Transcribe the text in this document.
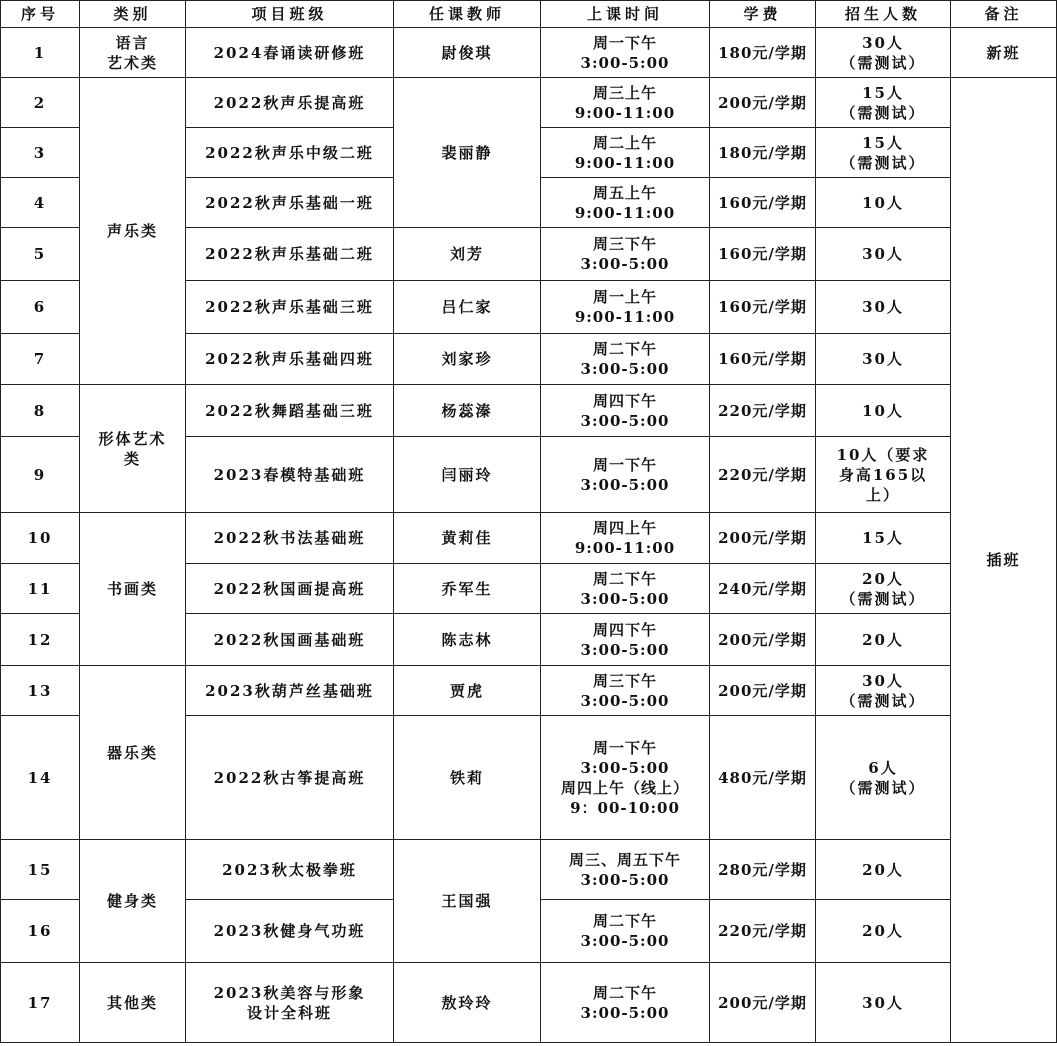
序号	类别	项目班级	任课教师	上课时间	学费	招生人数	备注
1	语言
艺术类	2024春诵读研修班	尉俊琪	周一下午
3:00-5:00	180元/学期	30人
（需测试）	新班
2	声乐类	2022秋声乐提高班	裴丽静	周三上午
9:00-11:00	200元/学期	15人
（需测试）	插班
3		2022秋声乐中级二班		周二上午
9:00-11:00	180元/学期	15人
（需测试）	
4		2022秋声乐基础一班		周五上午
9:00-11:00	160元/学期	10人	
5		2022秋声乐基础二班	刘芳	周三下午
3:00-5:00	160元/学期	30人	
6		2022秋声乐基础三班	吕仁家	周一上午
9:00-11:00	160元/学期	30人	
7		2022秋声乐基础四班	刘家珍	周二下午
3:00-5:00	160元/学期	30人	
8	形体艺术
类	2022秋舞蹈基础三班	杨蕊溱	周四下午
3:00-5:00	220元/学期	10人	
9		2023春模特基础班	闫丽玲	周一下午
3:00-5:00	220元/学期	10人（要求
身高165以
上）	
10	书画类	2022秋书法基础班	黄莉佳	周四上午
9:00-11:00	200元/学期	15人	
11		2022秋国画提高班	乔军生	周二下午
3:00-5:00	240元/学期	20人
（需测试）	
12		2022秋国画基础班	陈志林	周四下午
3:00-5:00	200元/学期	20人	
13	器乐类	2023秋葫芦丝基础班	贾虎	周三下午
3:00-5:00	200元/学期	30人
（需测试）	
14		2022秋古筝提高班	铁莉	周一下午
3:00-5:00
周四上午（线上）
9：00-10:00	480元/学期	6人
（需测试）	
15	健身类	2023秋太极拳班	王国强	周三、周五下午
3:00-5:00	280元/学期	20人	
16		2023秋健身气功班		周二下午
3:00-5:00	220元/学期	20人	
17	其他类	2023秋美容与形象
设计全科班	敖玲玲	周二下午
3:00-5:00	200元/学期	30人	
